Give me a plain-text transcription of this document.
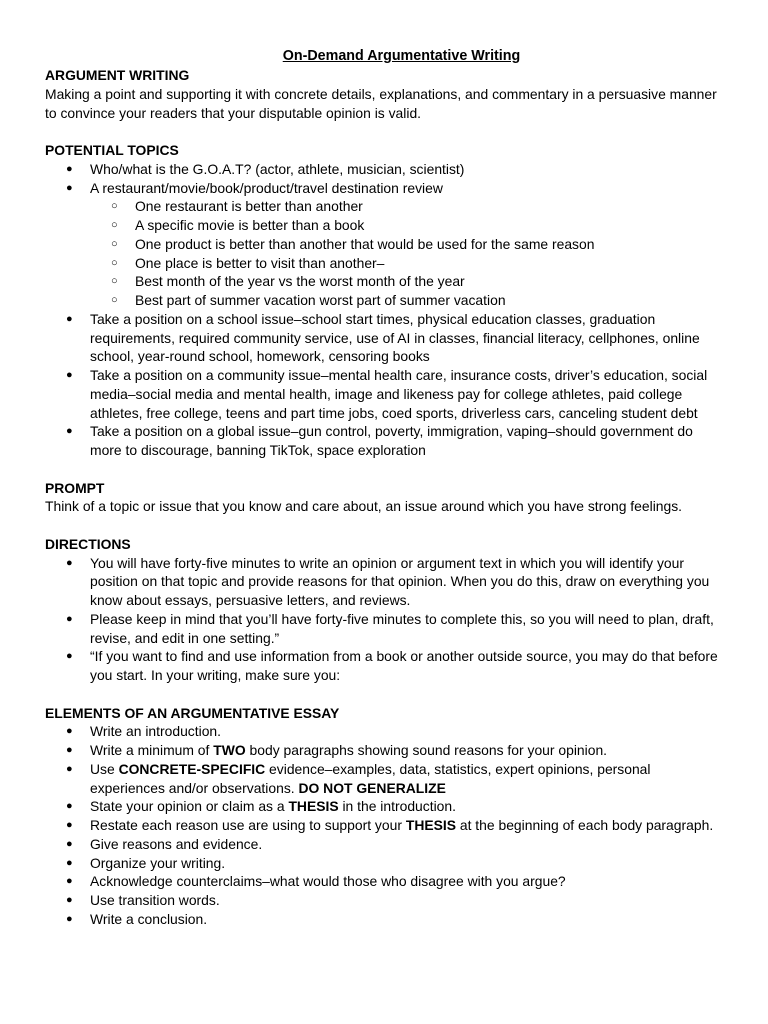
On-Demand Argumentative Writing
ARGUMENT WRITING
Making a point and supporting it with concrete details, explanations, and commentary in a persuasive manner to convince your readers that your disputable opinion is valid.
POTENTIAL TOPICS
● Who/what is the G.O.A.T? (actor, athlete, musician, scientist)
● A restaurant/movie/book/product/travel destination review
○ One restaurant is better than another
○ A specific movie is better than a book
○ One product is better than another that would be used for the same reason
○ One place is better to visit than another–
○ Best month of the year vs the worst month of the year
○ Best part of summer vacation worst part of summer vacation
● Take a position on a school issue–school start times, physical education classes, graduation requirements, required community service, use of AI in classes, financial literacy, cellphones, online school, year-round school, homework, censoring books
● Take a position on a community issue–mental health care, insurance costs, driver’s education, social media–social media and mental health, image and likeness pay for college athletes, paid college athletes, free college, teens and part time jobs, coed sports, driverless cars, canceling student debt
● Take a position on a global issue–gun control, poverty, immigration, vaping–should government do more to discourage, banning TikTok, space exploration
PROMPT
Think of a topic or issue that you know and care about, an issue around which you have strong feelings.
DIRECTIONS
● You will have forty-five minutes to write an opinion or argument text in which you will identify your position on that topic and provide reasons for that opinion. When you do this, draw on everything you know about essays, persuasive letters, and reviews.
● Please keep in mind that you’ll have forty-five minutes to complete this, so you will need to plan, draft, revise, and edit in one setting.”
● “If you want to find and use information from a book or another outside source, you may do that before you start. In your writing, make sure you:
ELEMENTS OF AN ARGUMENTATIVE ESSAY
● Write an introduction.
● Write a minimum of TWO body paragraphs showing sound reasons for your opinion.
● Use CONCRETE-SPECIFIC evidence–examples, data, statistics, expert opinions, personal experiences and/or observations. DO NOT GENERALIZE
● State your opinion or claim as a THESIS in the introduction.
● Restate each reason use are using to support your THESIS at the beginning of each body paragraph.
● Give reasons and evidence.
● Organize your writing.
● Acknowledge counterclaims–what would those who disagree with you argue?
● Use transition words.
● Write a conclusion.
